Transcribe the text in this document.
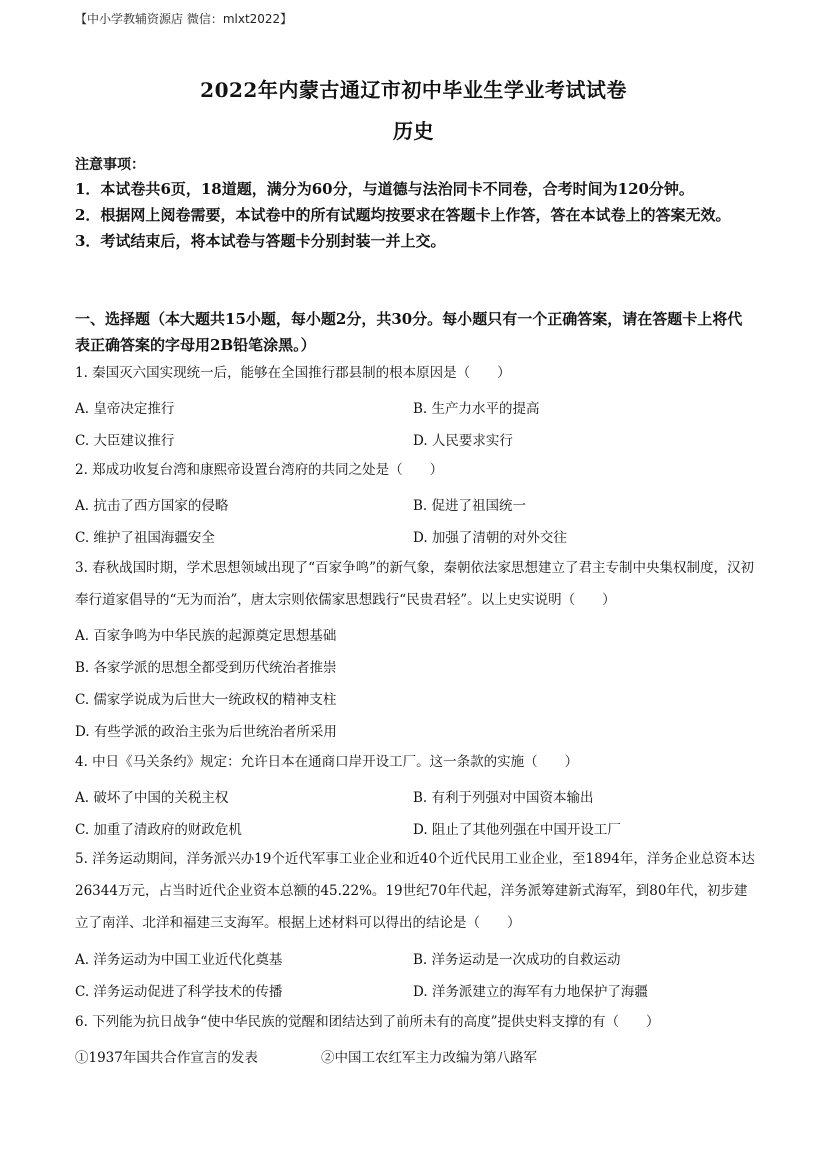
【中小学教辅资源店 微信：mlxt2022】
2022年内蒙古通辽市初中毕业生学业考试试卷
历史
注意事项：

1．本试卷共6页，18道题，满分为60分，与道德与法治同卡不同卷，合考时间为120分钟。

2．根据网上阅卷需要，本试卷中的所有试题均按要求在答题卡上作答，答在本试卷上的答案无效。

3．考试结束后，将本试卷与答题卡分别封装一并上交。

一、选择题（本大题共15小题，每小题2分，共30分。每小题只有一个正确答案，请在答题卡上将代表正确答案的字母用2B铅笔涂黑。）

1. 秦国灭六国实现统一后，能够在全国推行郡县制的根本原因是（　　）
A. 皇帝决定推行	B. 生产力水平的提高
C. 大臣建议推行	D. 人民要求实行
2. 郑成功收复台湾和康熙帝设置台湾府的共同之处是（　　）
A. 抗击了西方国家的侵略	B. 促进了祖国统一
C. 维护了祖国海疆安全	D. 加强了清朝的对外交往
3. 春秋战国时期，学术思想领域出现了“百家争鸣”的新气象，秦朝依法家思想建立了君主专制中央集权制度，汉初奉行道家倡导的“无为而治”，唐太宗则依儒家思想践行“民贵君轻”。以上史实说明（　　）
A. 百家争鸣为中华民族的起源奠定思想基础
B. 各家学派的思想全都受到历代统治者推崇
C. 儒家学说成为后世大一统政权的精神支柱
D. 有些学派的政治主张为后世统治者所采用
4. 中日《马关条约》规定：允许日本在通商口岸开设工厂。这一条款的实施（　　）
A. 破坏了中国的关税主权	B. 有利于列强对中国资本输出
C. 加重了清政府的财政危机	D. 阻止了其他列强在中国开设工厂
5. 洋务运动期间，洋务派兴办19个近代军事工业企业和近40个近代民用工业企业，至1894年，洋务企业总资本达26344万元，占当时近代企业资本总额的45.22%。19世纪70年代起，洋务派筹建新式海军，到80年代，初步建立了南洋、北洋和福建三支海军。根据上述材料可以得出的结论是（　　）
A. 洋务运动为中国工业近代化奠基	B. 洋务运动是一次成功的自救运动
C. 洋务运动促进了科学技术的传播	D. 洋务派建立的海军有力地保护了海疆
6. 下列能为抗日战争“使中华民族的觉醒和团结达到了前所未有的高度”提供史料支撑的有（　　）
①1937年国共合作宣言的发表	②中国工农红军主力改编为第八路军
